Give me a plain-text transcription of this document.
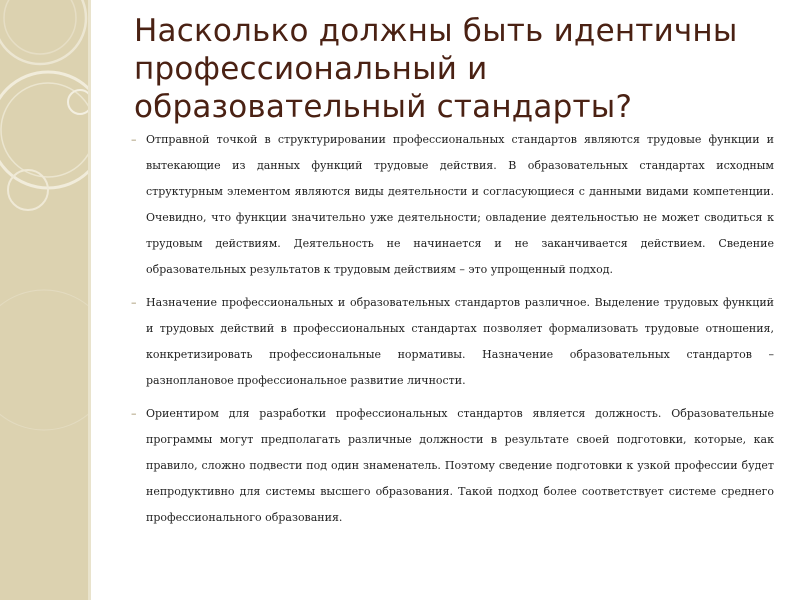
Насколько должны быть идентичны профессиональный и образовательный стандарты?
– Отправной точкой в структурировании профессиональных стандартов являются трудовые функции и вытекающие из данных функций трудовые действия. В образовательных стандартах исходным структурным элементом являются виды деятельности и согласующиеся с данными видами компетенции. Очевидно, что функции значительно уже деятельности; овладение деятельностью не может сводиться к трудовым действиям. Деятельность не начинается и не заканчивается действием. Сведение образовательных результатов к трудовым действиям – это упрощенный подход.
– Назначение профессиональных и образовательных стандартов различное. Выделение трудовых функций и трудовых действий в профессиональных стандартах позволяет формализовать трудовые отношения, конкретизировать профессиональные нормативы. Назначение образовательных стандартов – разноплановое профессиональное развитие личности.
– Ориентиром для разработки профессиональных стандартов является должность. Образовательные программы могут предполагать различные должности в результате своей подготовки, которые, как правило, сложно подвести под один знаменатель. Поэтому сведение подготовки к узкой профессии будет непродуктивно для системы высшего образования. Такой подход более соответствует системе среднего профессионального образования.
